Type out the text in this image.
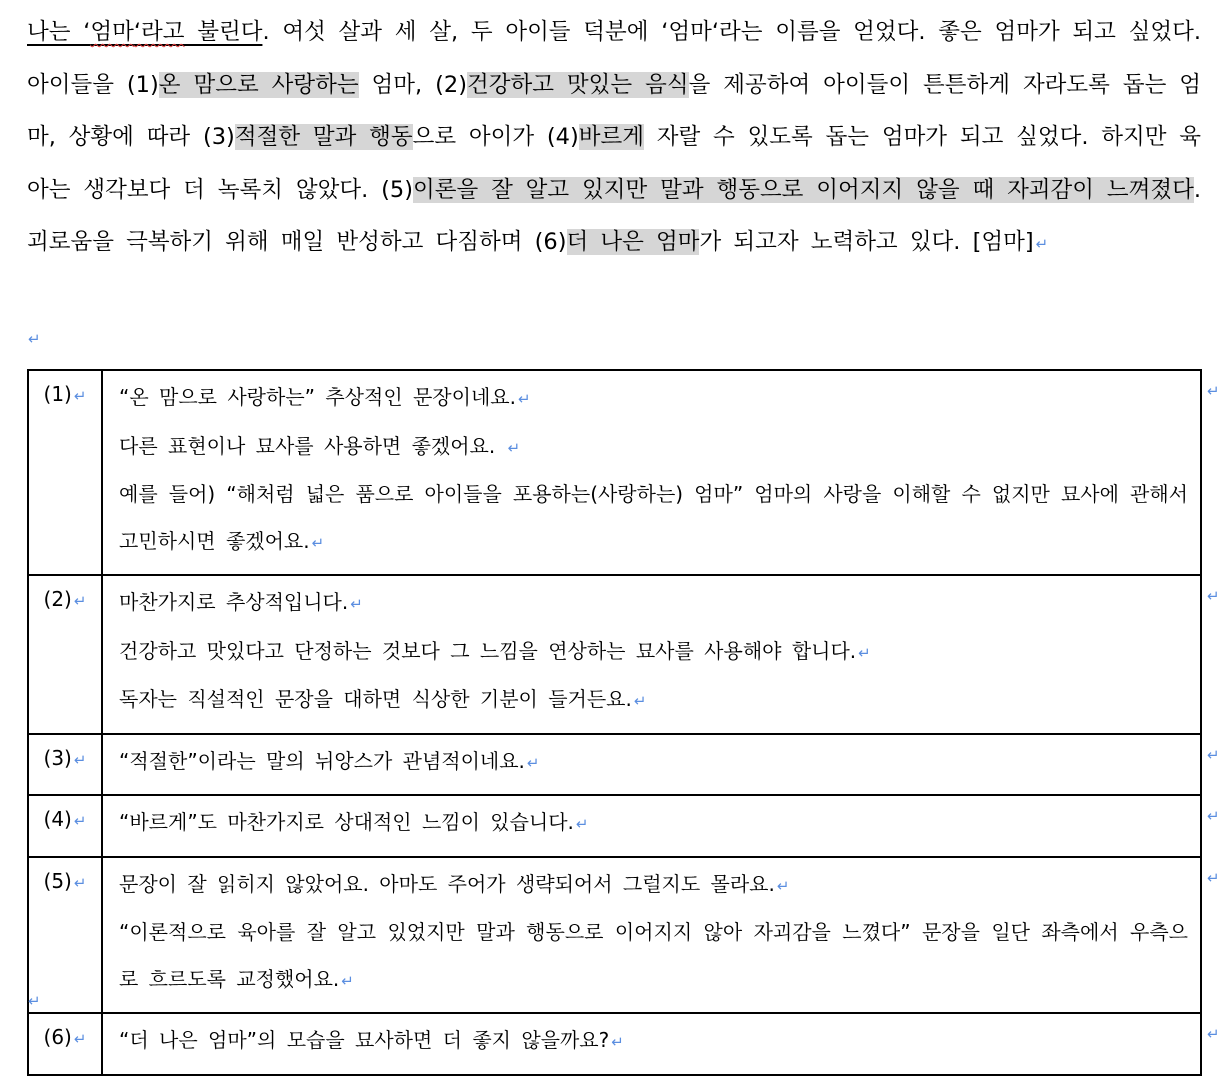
나는 ‘엄마‘라고 불린다. 여섯 살과 세 살, 두 아이들 덕분에 ‘엄마‘라는 이름을 얻었다. 좋은 엄마가 되고 싶었다. 아이들을 (1)온 맘으로 사랑하는 엄마, (2)건강하고 맛있는 음식을 제공하여 아이들이 튼튼하게 자라도록 돕는 엄마, 상황에 따라 (3)적절한 말과 행동으로 아이가 (4)바르게 자랄 수 있도록 돕는 엄마가 되고 싶었다. 하지만 육아는 생각보다 더 녹록치 않았다. (5)이론을 잘 알고 있지만 말과 행동으로 이어지지 않을 때 자괴감이 느껴졌다. 괴로움을 극복하기 위해 매일 반성하고 다짐하며 (6)더 나은 엄마가 되고자 노력하고 있다. [엄마] ↵
↵
(1) ↵	“온 맘으로 사랑하는” 추상적인 문장이네요. ↵
다른 표현이나 묘사를 사용하면 좋겠어요. ↵
예를 들어) “해처럼 넓은 품으로 아이들을 포용하는(사랑하는) 엄마” 엄마의 사랑을 이해할 수 없지만 묘사에 관해서 고민하시면 좋겠어요. ↵

(2) ↵	마찬가지로 추상적입니다. ↵
건강하고 맛있다고 단정하는 것보다 그 느낌을 연상하는 묘사를 사용해야 합니다. ↵
독자는 직설적인 문장을 대하면 식상한 기분이 들거든요. ↵

(3) ↵	“적절한”이라는 말의 뉘앙스가 관념적이네요. ↵

(4) ↵	“바르게”도 마찬가지로 상대적인 느낌이 있습니다. ↵

(5) ↵	문장이 잘 읽히지 않았어요. 아마도 주어가 생략되어서 그럴지도 몰라요. ↵
“이론적으로 육아를 잘 알고 있었지만 말과 행동으로 이어지지 않아 자괴감을 느꼈다” 문장을 일단 좌측에서 우측으로 흐르도록 교정했어요. ↵

(6) ↵	“더 나은 엄마”의 모습을 묘사하면 더 좋지 않을까요? ↵
↵
↵
↵
↵
↵
↵
↵
